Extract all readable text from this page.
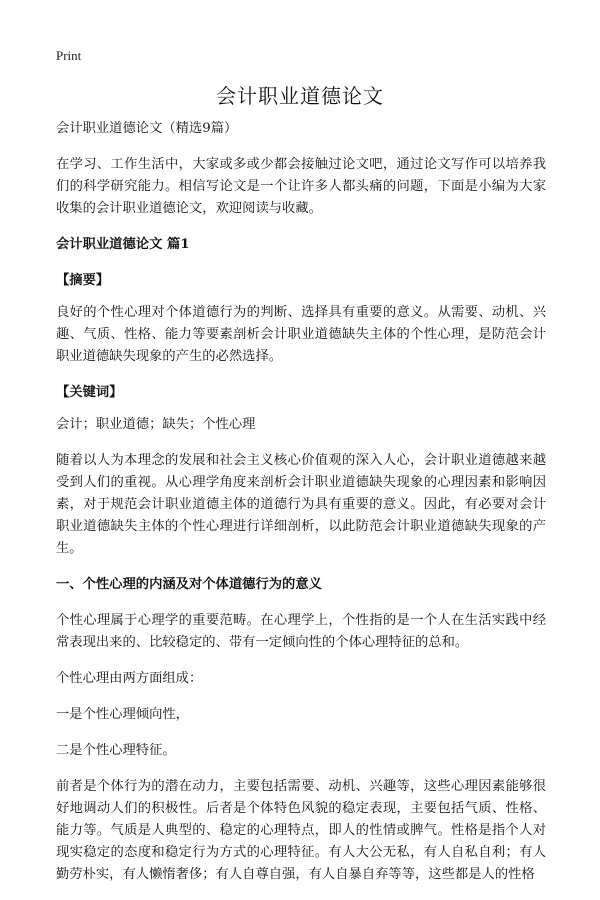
Print
会计职业道德论文

会计职业道德论文（精选9篇）

在学习、工作生活中，大家或多或少都会接触过论文吧，通过论文写作可以培养我们的科学研究能力。相信写论文是一个让许多人都头痛的问题，下面是小编为大家收集的会计职业道德论文，欢迎阅读与收藏。

会计职业道德论文 篇1
【摘要】

良好的个性心理对个体道德行为的判断、选择具有重要的意义。从需要、动机、兴趣、气质、性格、能力等要素剖析会计职业道德缺失主体的个性心理，是防范会计职业道德缺失现象的产生的必然选择。

【关键词】

会计；职业道德；缺失；个性心理

随着以人为本理念的发展和社会主义核心价值观的深入人心，会计职业道德越来越受到人们的重视。从心理学角度来剖析会计职业道德缺失现象的心理因素和影响因素，对于规范会计职业道德主体的道德行为具有重要的意义。因此，有必要对会计职业道德缺失主体的个性心理进行详细剖析，以此防范会计职业道德缺失现象的产生。

一、个性心理的内涵及对个体道德行为的意义

个性心理属于心理学的重要范畴。在心理学上，个性指的是一个人在生活实践中经常表现出来的、比较稳定的、带有一定倾向性的个体心理特征的总和。

个性心理由两方面组成：

一是个性心理倾向性，

二是个性心理特征。

前者是个体行为的潜在动力，主要包括需要、动机、兴趣等，这些心理因素能够很好地调动人们的积极性。后者是个体特色风貌的稳定表现，主要包括气质、性格、能力等。气质是人典型的、稳定的心理特点，即人的性情或脾气。性格是指个人对现实稳定的态度和稳定行为方式的心理特征。有人大公无私，有人自私自利；有人勤劳朴实，有人懒惰奢侈；有人自尊自强，有人自暴自弃等等，这些都是人的性格
